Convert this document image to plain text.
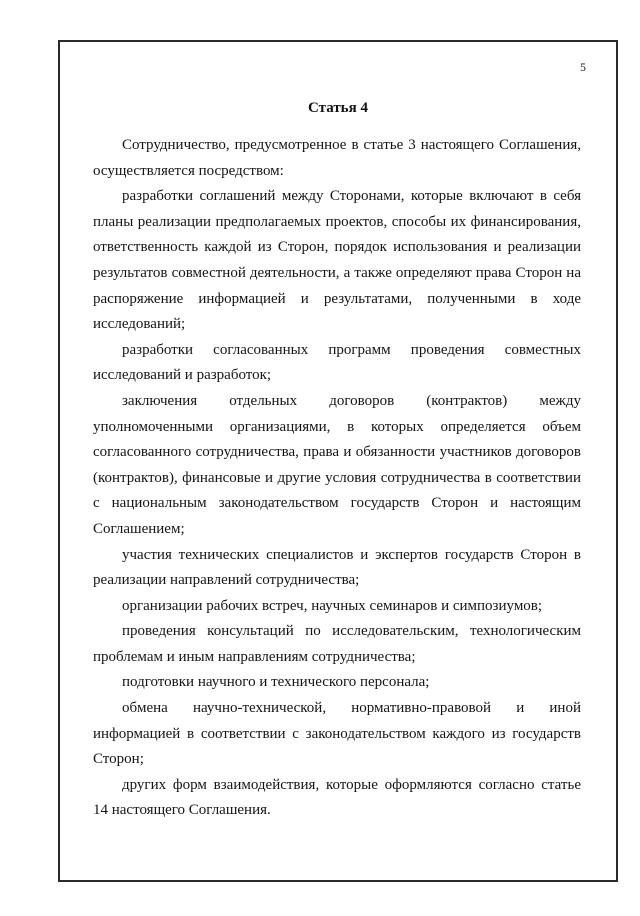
5
Статья 4

Сотрудничество, предусмотренное в статье 3 настоящего Соглашения, осуществляется посредством:

разработки соглашений между Сторонами, которые включают в себя планы реализации предполагаемых проектов, способы их финансирования, ответственность каждой из Сторон, порядок использования и реализации результатов совместной деятельности, а также определяют права Сторон на распоряжение информацией и результатами, полученными в ходе исследований;

разработки согласованных программ проведения совместных исследований и разработок;

заключения отдельных договоров (контрактов) между уполномоченными организациями, в которых определяется объем согласованного сотрудничества, права и обязанности участников договоров (контрактов), финансовые и другие условия сотрудничества в соответствии с национальным законодательством государств Сторон и настоящим Соглашением;

участия технических специалистов и экспертов государств Сторон в реализации направлений сотрудничества;

организации рабочих встреч, научных семинаров и симпозиумов;

проведения консультаций по исследовательским, технологическим проблемам и иным направлениям сотрудничества;

подготовки научного и технического персонала;

обмена научно-технической, нормативно-правовой и иной информацией в соответствии с законодательством каждого из государств Сторон;

других форм взаимодействия, которые оформляются согласно статье 14 настоящего Соглашения.
